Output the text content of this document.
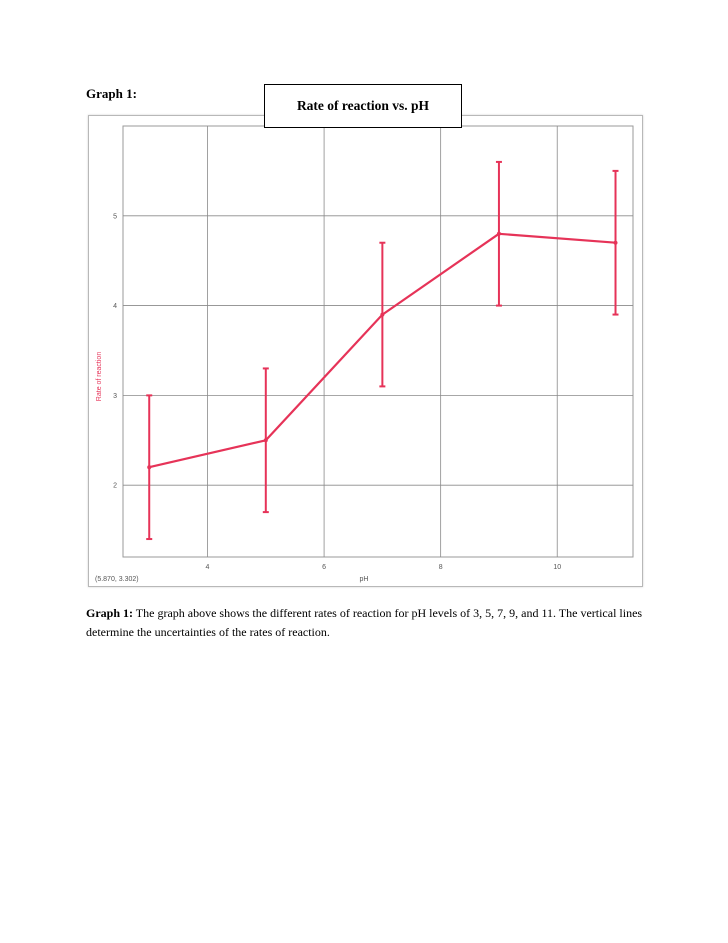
Graph 1:
Rate of reaction vs. pH
2
3
4
5
4	6	8	10
Rate of reaction
pH
(5.870, 3.302)
Graph 1: The graph above shows the different rates of reaction for pH levels of 3, 5, 7, 9, and 11. The vertical lines determine the uncertainties of the rates of reaction.
